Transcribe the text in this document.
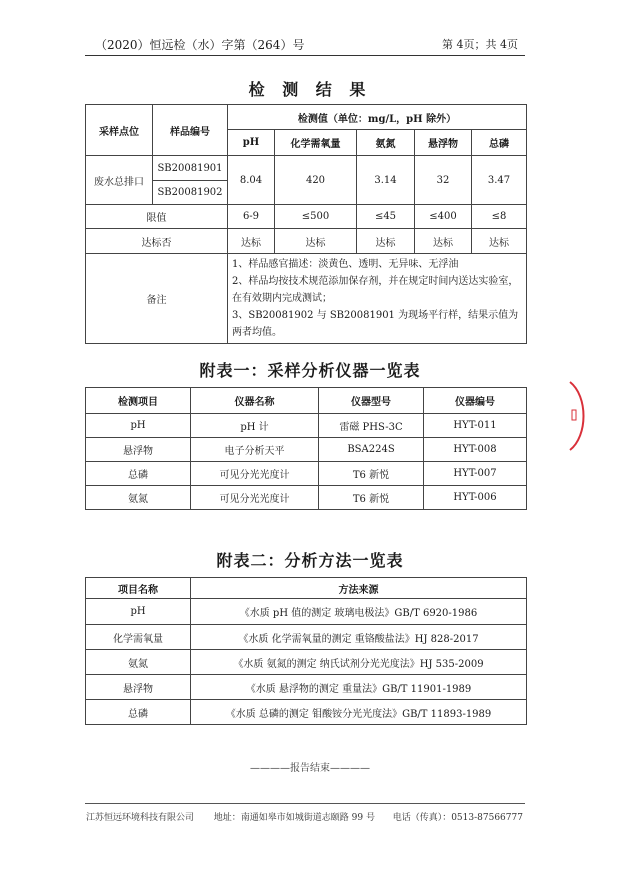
（2020）恒远检（水）字第（264）号	第 4页；共 4页
检 测 结 果
采样点位	样品编号	检测值（单位：mg/L，pH 除外）				
		pH	化学需氧量	氨氮	悬浮物	总磷
废水总排口	SB20081901	8.04	420	3.14	32	3.47
	SB20081902					
限值		6-9	≤500	≤45	≤400	≤8
达标否		达标	达标	达标	达标	达标
备注		1、样品感官描述：淡黄色、透明、无异味、无浮油
2、样品均按技术规范添加保存剂，并在规定时间内送达实验室，在有效期内完成测试；
3、SB20081902 与 SB20081901 为现场平行样，结果示值为两者均值。				
附表一：采样分析仪器一览表
检测项目	仪器名称	仪器型号	仪器编号
pH	pH 计	雷磁 PHS-3C	HYT-011
悬浮物	电子分析天平	BSA224S	HYT-008
总磷	可见分光光度计	T6 新悦	HYT-007
氨氮	可见分光光度计	T6 新悦	HYT-006
附表二：分析方法一览表
项目名称	方法来源
pH	《水质 pH 值的测定 玻璃电极法》GB/T 6920-1986
化学需氧量	《水质 化学需氧量的测定 重铬酸盐法》HJ 828-2017
氨氮	《水质 氨氮的测定 纳氏试剂分光光度法》HJ 535-2009
悬浮物	《水质 悬浮物的测定 重量法》GB/T 11901-1989
总磷	《水质 总磷的测定 钼酸铵分光光度法》GB/T 11893-1989
————报告结束————
江苏恒远环境科技有限公司 地址：南通如皋市如城街道志颐路 99 号 电话（传真）：0513-87566777
